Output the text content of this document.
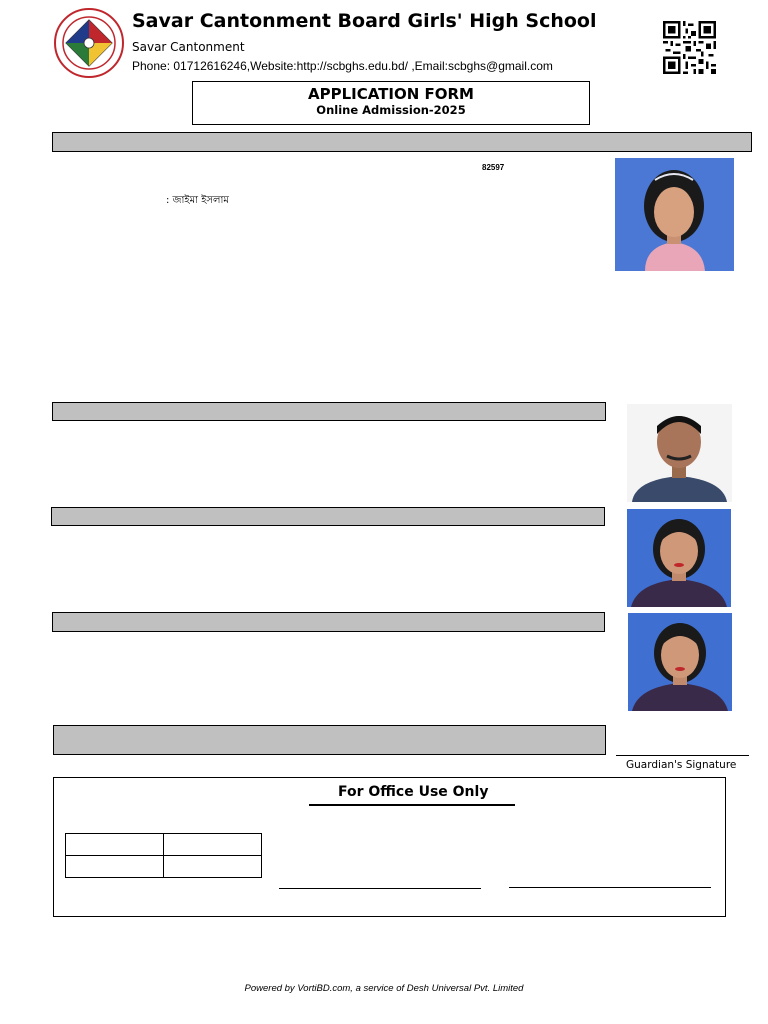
Savar Cantonment Board Girls' High School
Savar Cantonment
Phone: 01712616246,Website:http://scbghs.edu.bd/ ,Email:scbghs@gmail.com
APPLICATION FORM
Online Admission-2025
82597
: জাইমা ইসলাম
Guardian's Signature
For Office Use Only

Powered by VortiBD.com, a service of Desh Universal Pvt. Limited
